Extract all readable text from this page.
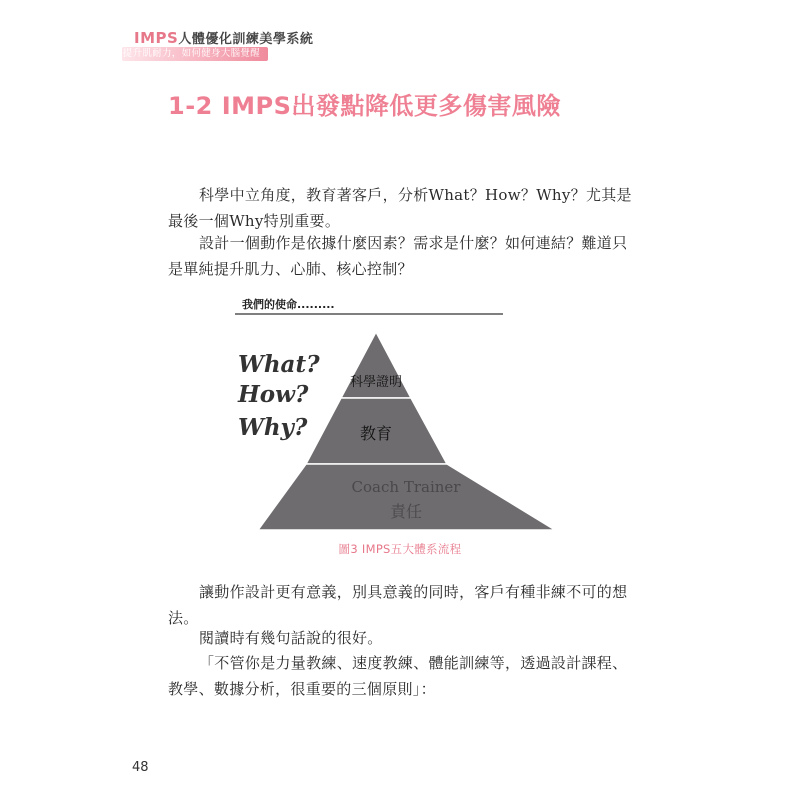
IMPS人體優化訓練美學系統
提升肌耐力，如何健身大腦覺醒
1-2 IMPS出發點降低更多傷害風險

科學中立角度，教育著客戶，分析What？How？Why？尤其是最後一個Why特別重要。

設計一個動作是依據什麼因素？需求是什麼？如何連結？難道只是單純提升肌力、心肺、核心控制？

我們的使命.........
科學證明
教育
Coach Trainer
責任
What?
How?
Why?
圖3 IMPS五大體系流程

讓動作設計更有意義，別具意義的同時，客戶有種非練不可的想法。

閱讀時有幾句話說的很好。

「不管你是力量教練、速度教練、體能訓練等，透過設計課程、教學、數據分析，很重要的三個原則」：

48
